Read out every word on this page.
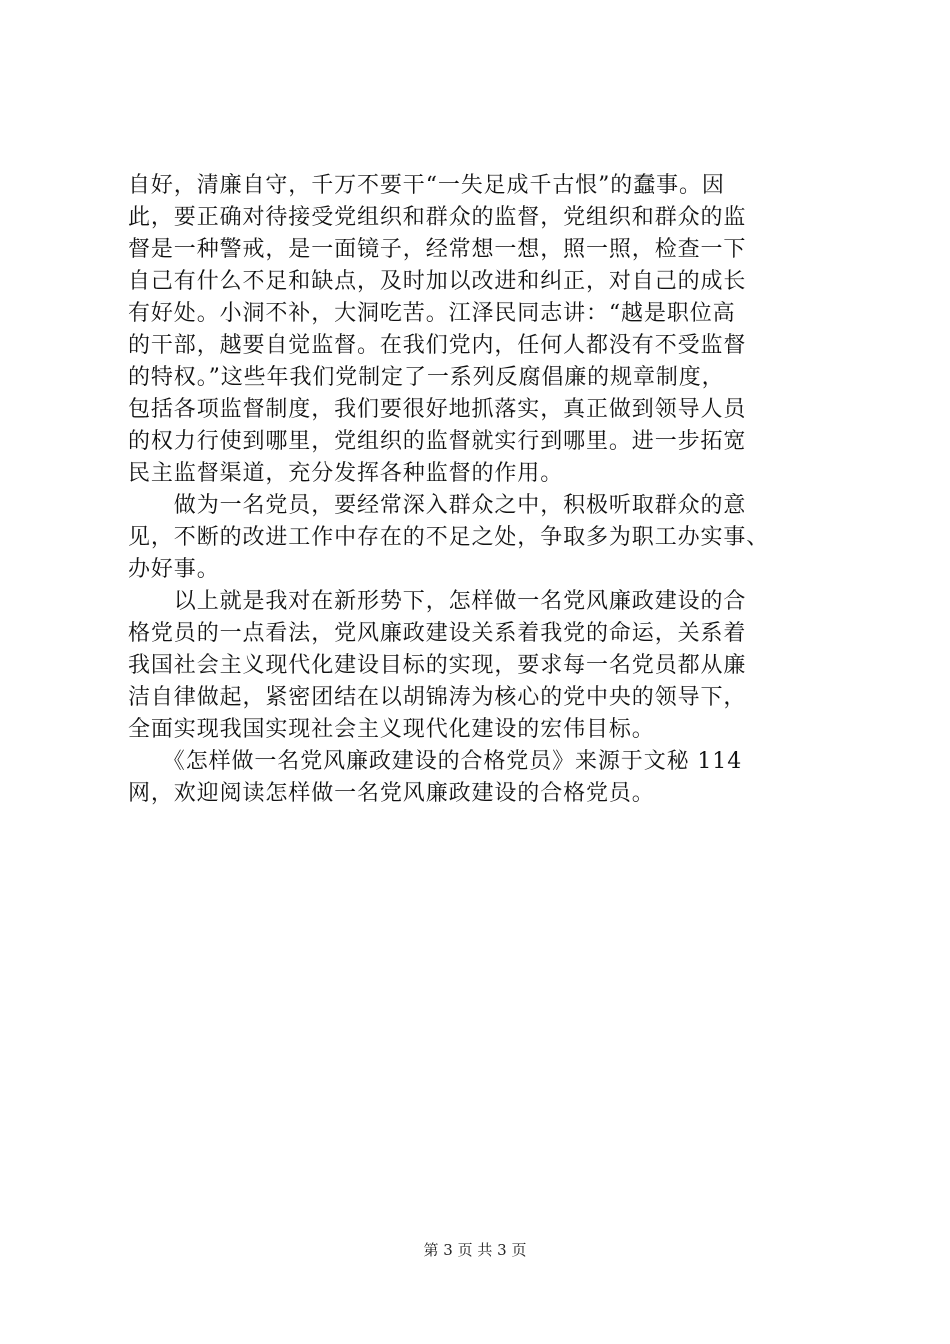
自好，清廉自守，千万不要干“一失足成千古恨”的蠢事。因
此，要正确对待接受党组织和群众的监督，党组织和群众的监
督是一种警戒，是一面镜子，经常想一想，照一照，检查一下
自己有什么不足和缺点，及时加以改进和纠正，对自己的成长
有好处。小洞不补，大洞吃苦。江泽民同志讲：“越是职位高
的干部，越要自觉监督。在我们党内，任何人都没有不受监督
的特权。”这些年我们党制定了一系列反腐倡廉的规章制度，
包括各项监督制度，我们要很好地抓落实，真正做到领导人员
的权力行使到哪里，党组织的监督就实行到哪里。进一步拓宽
民主监督渠道，充分发挥各种监督的作用。
　　做为一名党员，要经常深入群众之中，积极听取群众的意
见，不断的改进工作中存在的不足之处，争取多为职工办实事、
办好事。
　　以上就是我对在新形势下，怎样做一名党风廉政建设的合
格党员的一点看法，党风廉政建设关系着我党的命运，关系着
我国社会主义现代化建设目标的实现，要求每一名党员都从廉
洁自律做起，紧密团结在以胡锦涛为核心的党中央的领导下，
全面实现我国实现社会主义现代化建设的宏伟目标。
　　《怎样做一名党风廉政建设的合格党员》来源于文秘 114
网，欢迎阅读怎样做一名党风廉政建设的合格党员。
第 3 页 共 3 页
